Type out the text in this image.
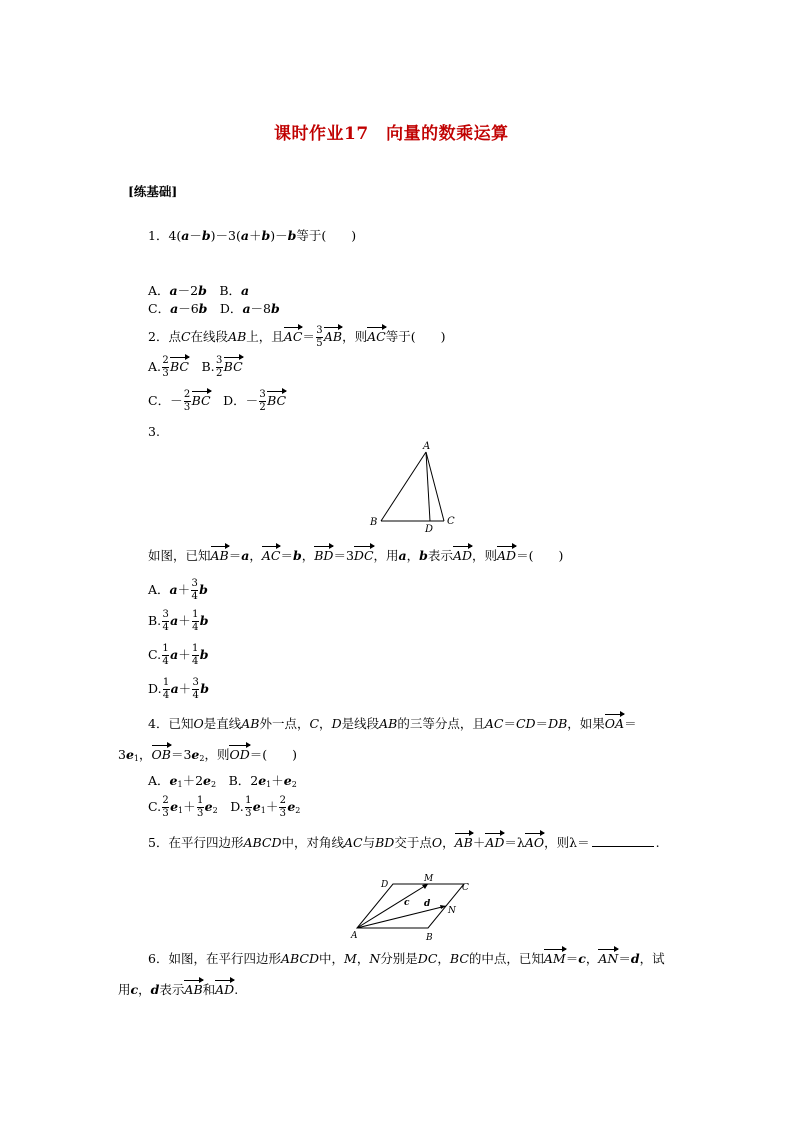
课时作业17　向量的数乘运算
[练基础]
1．4(a－b)－3(a＋b)－b等于(　　)
A．a－2b　 B．a
C．a－6b　 D．a－8b
2．点C在线段AB上，且$AC= \frac{3}{5}$ AB，则AC等于(　　)
A. $\frac{2}{3}$ BC　B. $\frac{3}{2}$ BC
C．－ $\frac{2}{3}$ BC　D．－ $\frac{3}{2}$ BC
3.
A
B	C
D
如图，已知AB＝a，AC＝b，BD＝3DC，用a，b表示AD，则AD＝(　　)
A．$a+ \frac{3}{4}$ b
B. $\frac{3}{4} a+ \frac{1}{4}$ b
C. $\frac{1}{4} a+ \frac{1}{4}$ b
D. $\frac{1}{4} a+ \frac{3}{4}$ b
4．已知O是直线AB外一点，C，D是线段AB的三等分点，且AC＝CD＝DB，如果OA＝
$3e_1$，$OB=3e_2$，则OD＝(　　)
A．$e_1+2e_2$　B．$2e_1+e_2$
C. $\frac{2}{3} e_1+ \frac{1}{3} e_2$　D. $\frac{1}{3} e_1+ \frac{2}{3} e_2$
5．在平行四边形ABCD中，对角线AC与BD交于点O，AB＋AD＝λAO，则λ＝	.
D
M
C
N
B
A
c d
6．如图，在平行四边形ABCD中，M，N分别是DC，BC的中点，已知AM＝c，AN＝d，试
用c，d表示AB和AD.
